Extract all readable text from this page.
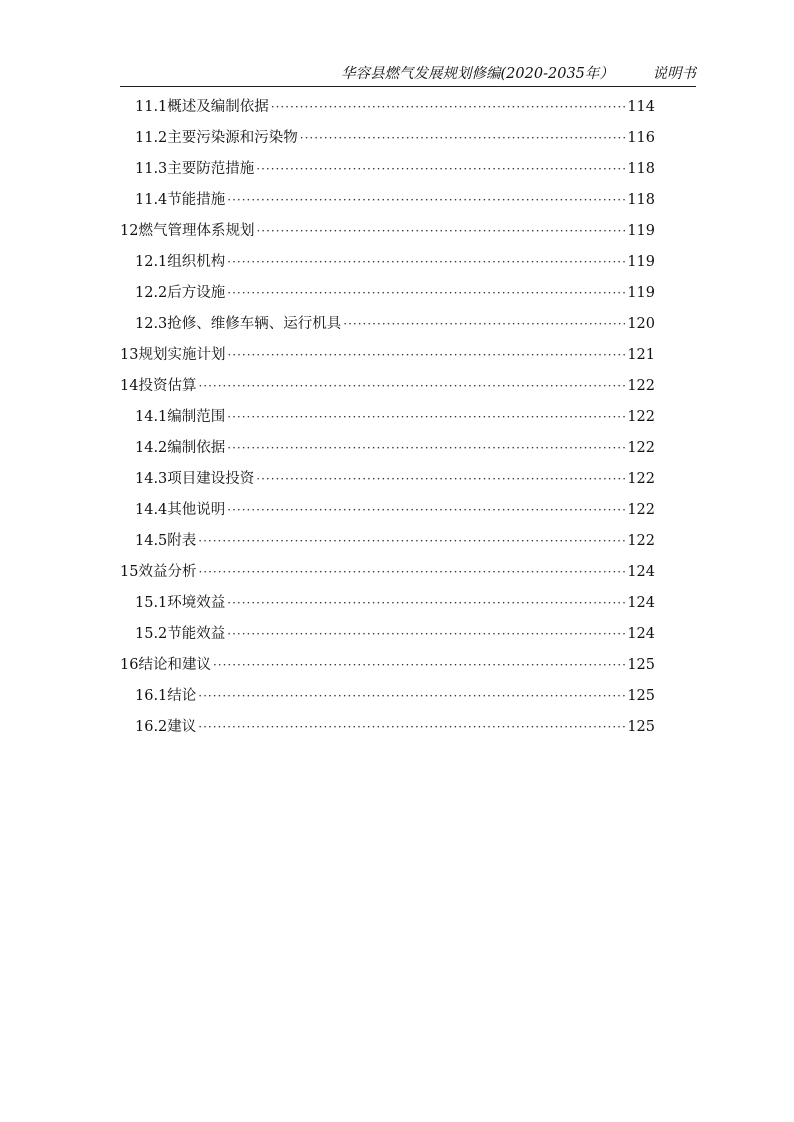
华容县燃气发展规划修编(2020-2035年）	说明书
11.1概述及编制依据 ·····	114
11.2主要污染源和污染物 ·····	116
11.3主要防范措施 ·····	118
11.4节能措施 ·····	118
12燃气管理体系规划 ·····	119
12.1组织机构 ·····	119
12.2后方设施 ·····	119
12.3抢修、维修车辆、运行机具 ·····	120
13规划实施计划 ·····	121
14投资估算 ·····	122
14.1编制范围 ·····	122
14.2编制依据 ·····	122
14.3项目建设投资 ·····	122
14.4其他说明 ·····	122
14.5附表 ·····	122
15效益分析 ·····	124
15.1环境效益 ·····	124
15.2节能效益 ·····	124
16结论和建议 ·····	125
16.1结论 ·····	125
16.2建议 ·····	125
